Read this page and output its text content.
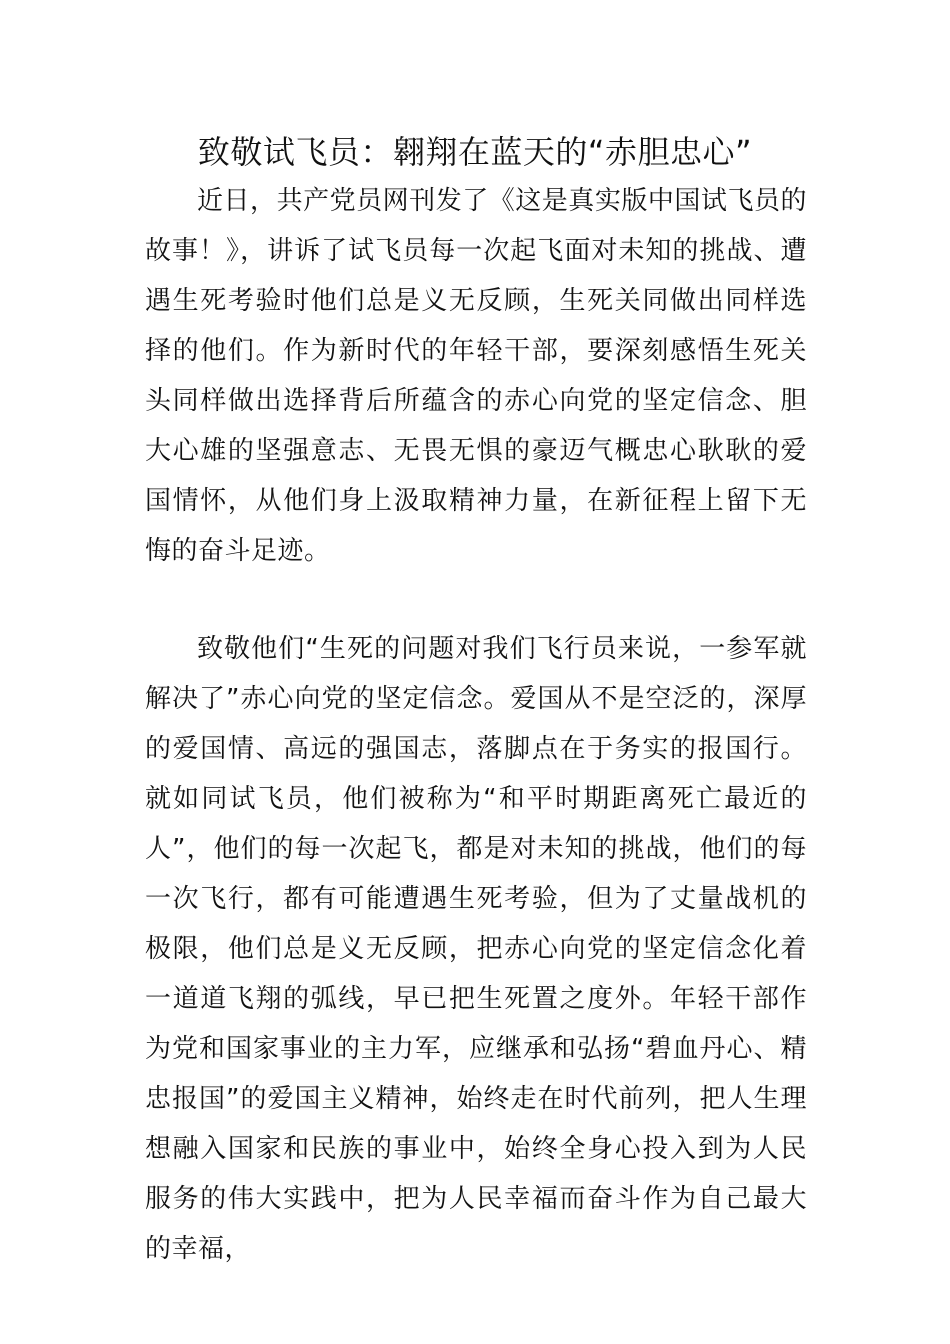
致敬试飞员：翱翔在蓝天的“赤胆忠心”

近日，共产党员网刊发了《这是真实版中国试飞员的故事！》，讲诉了试飞员每一次起飞面对未知的挑战、遭遇生死考验时他们总是义无反顾，生死关同做出同样选择的他们。作为新时代的年轻干部，要深刻感悟生死关头同样做出选择背后所蕴含的赤心向党的坚定信念、胆大心雄的坚强意志、无畏无惧的豪迈气概忠心耿耿的爱国情怀，从他们身上汲取精神力量，在新征程上留下无悔的奋斗足迹。

致敬他们“生死的问题对我们飞行员来说，一参军就解决了”赤心向党的坚定信念。爱国从不是空泛的，深厚的爱国情、高远的强国志，落脚点在于务实的报国行。就如同试飞员，他们被称为“和平时期距离死亡最近的人”，他们的每一次起飞，都是对未知的挑战，他们的每一次飞行，都有可能遭遇生死考验，但为了丈量战机的极限，他们总是义无反顾，把赤心向党的坚定信念化着一道道飞翔的弧线，早已把生死置之度外。年轻干部作为党和国家事业的主力军，应继承和弘扬“碧血丹心、精忠报国”的爱国主义精神，始终走在时代前列，把人生理想融入国家和民族的事业中，始终全身心投入到为人民服务的伟大实践中，把为人民幸福而奋斗作为自己最大的幸福，
